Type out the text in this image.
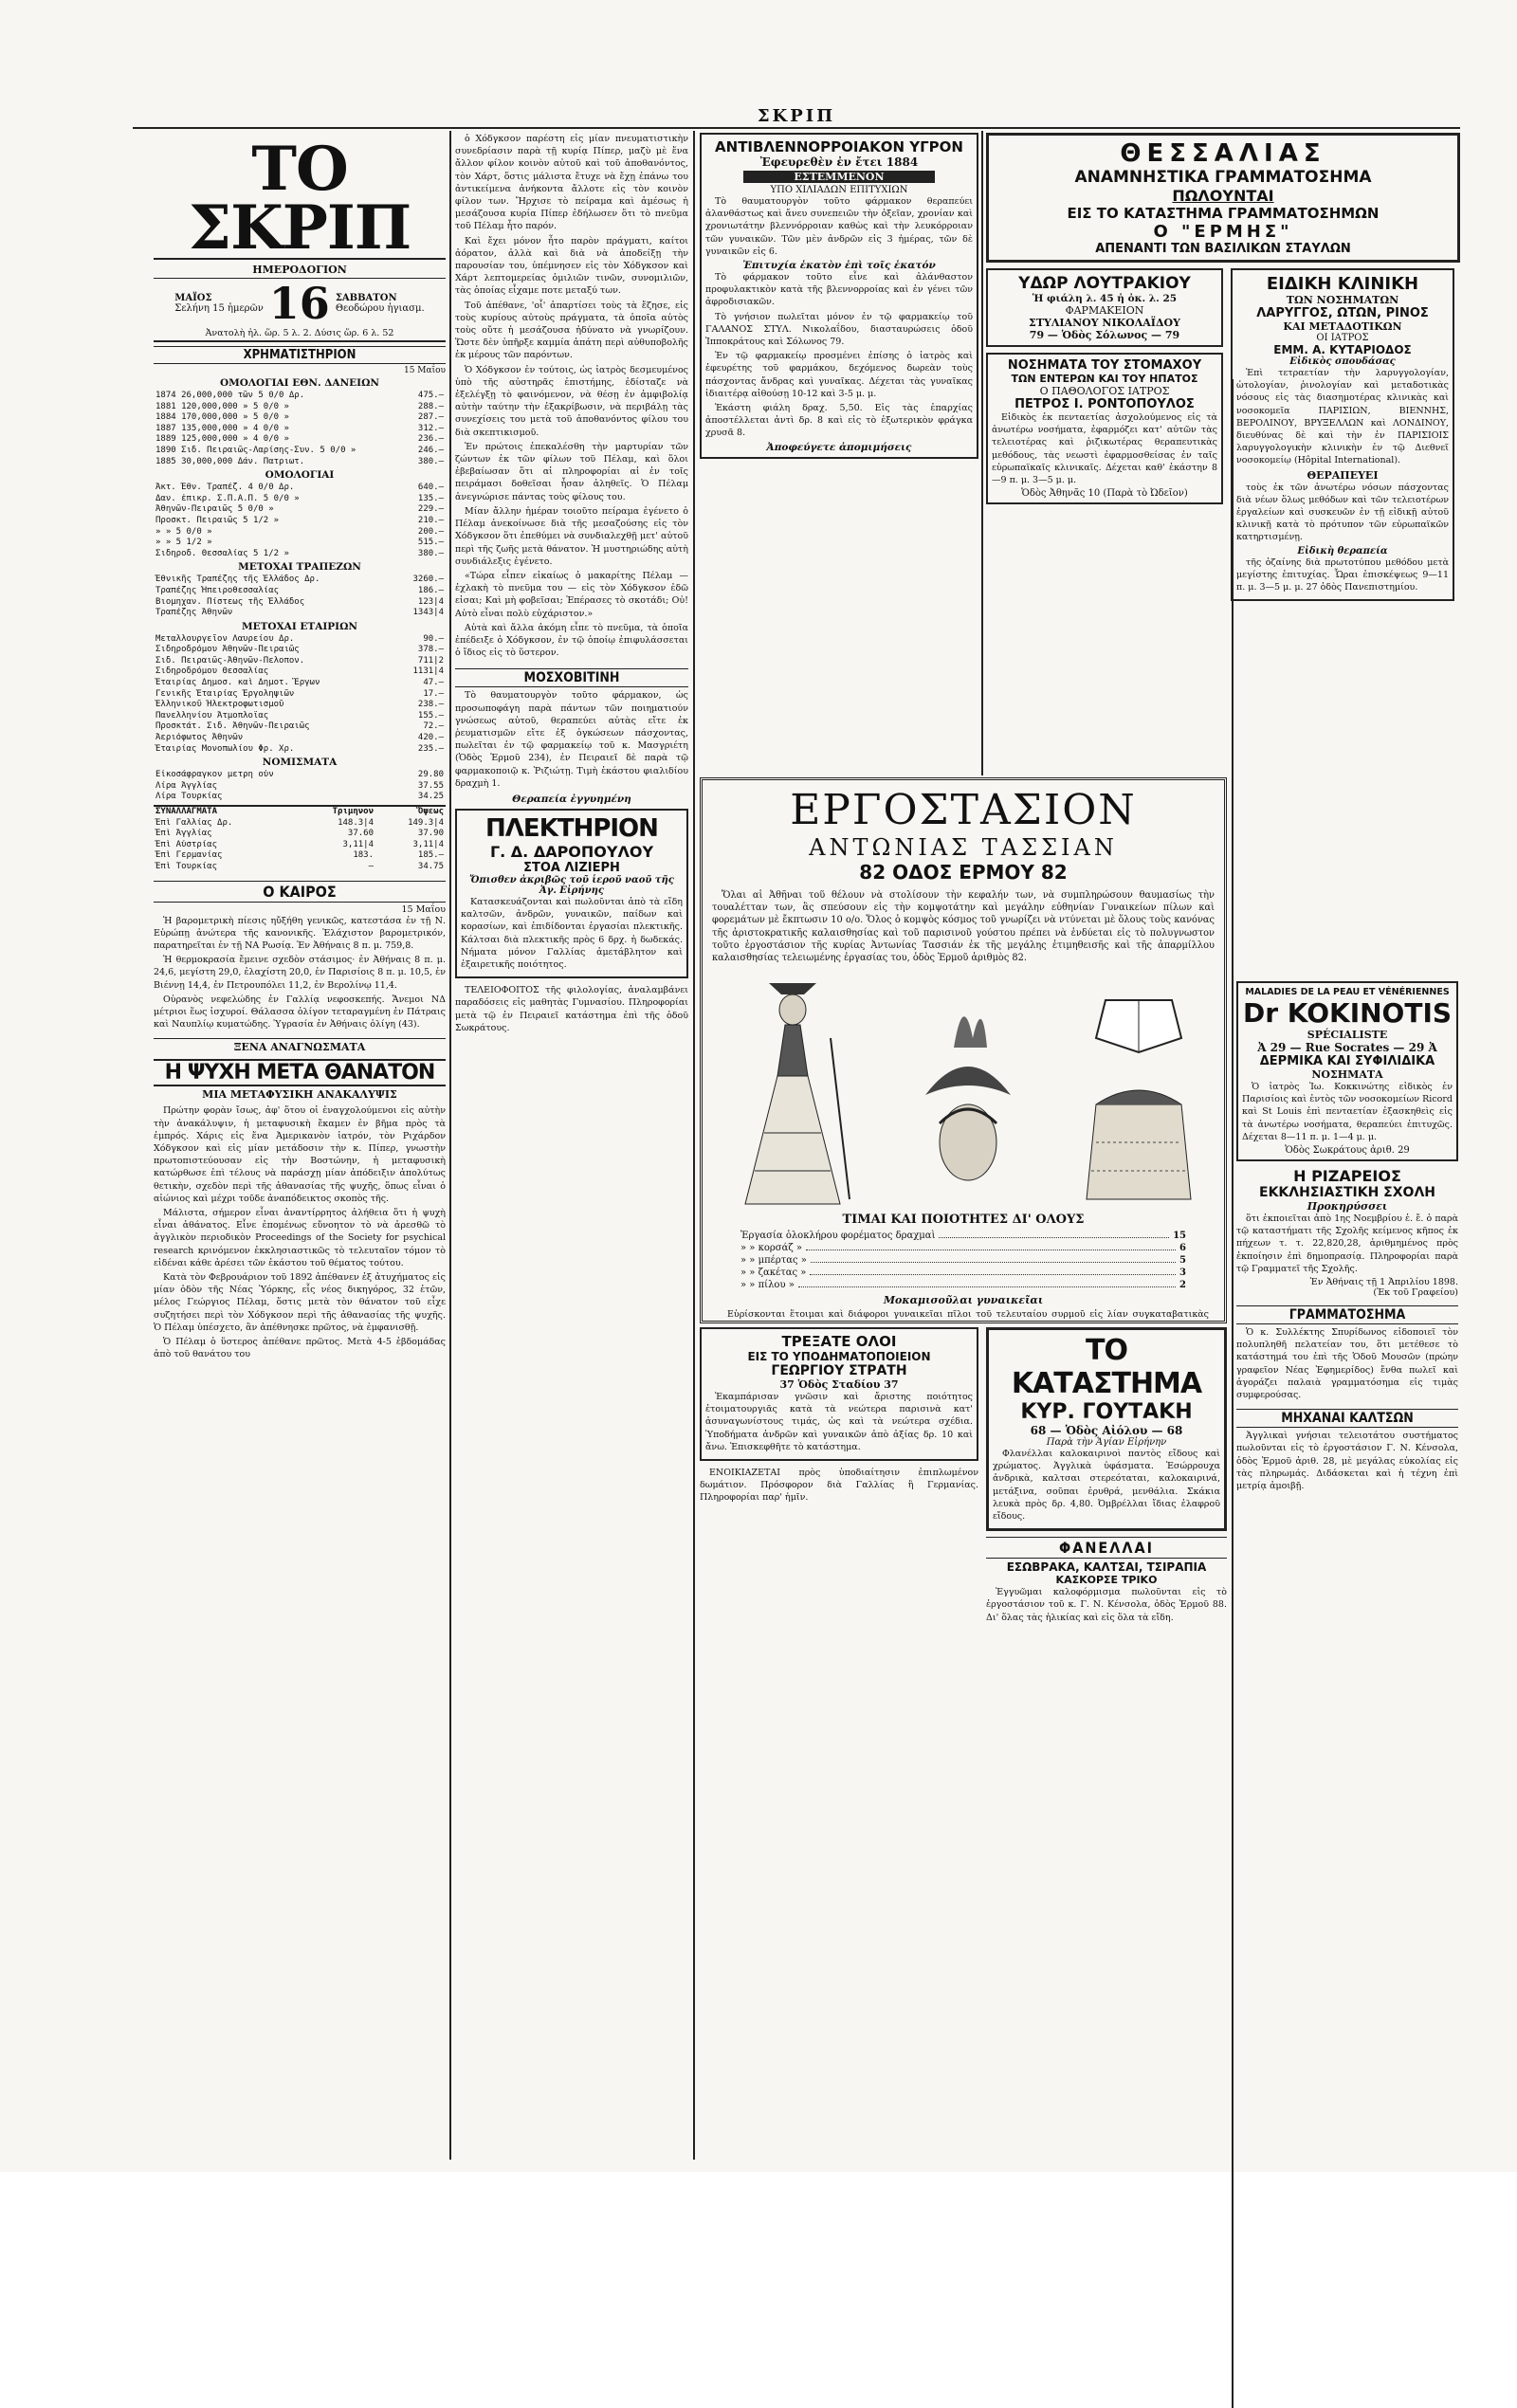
ΣΚΡΙΠ
ΤΟ ΣΚΡΙΠ
ΗΜΕΡΟΔΟΓΙΟΝ
ΜΑΪΟΣ
Σελήνη 15 ἡμερῶν 16 ΣΑΒΒΑΤΟΝ
Θεοδώρου ἡγιασμ.
Ἀνατολὴ ἡλ. ὥρ. 5 λ. 2. Δύσις ὥρ. 6 λ. 52
ΧΡΗΜΑΤΙΣΤΗΡΙΟΝ
15 Μαΐου
ΟΜΟΛΟΓΙΑΙ ΕΘΝ. ΔΑΝΕΙΩΝ
1874 26,000,000 τῶν 5 0/0 Δρ.	475.—
1881 120,000,000 » 5 0/0 »	288.—
1884 170,000,000 » 5 0/0 »	287.—
1887 135,000,000 » 4 0/0 »	312.—
1889 125,000,000 » 4 0/0 »	236.—
1890 Σιδ. Πειραιῶς-Λαρίσης-Συν. 5 0/0 »	246.—
1885 30,000,000 Δάν. Πατριωτ.	380.—
ΟΜΟΛΟΓΙΑΙ
Ἀκτ. Ἐθν. Τραπέζ. 4 0/0 Δρ.	640.—
Δαν. ἐπικρ. Σ.Π.Α.Π. 5 0/0 »	135.—
Ἀθηνῶν-Πειραιῶς 5 0/0 »	229.—
Προσκτ. Πειραιῶς 5 1/2 »	210.—
» » 5 0/0 »	200.—
» » 5 1/2 »	515.—
Σιδηροδ. Θεσσαλίας 5 1/2 »	380.—
ΜΕΤΟΧΑΙ ΤΡΑΠΕΖΩΝ
Ἐθνικῆς Τραπέζης τῆς Ἑλλάδος Δρ.	3260.—
Τραπέζης Ἠπειροθεσσαλίας	186.—
Βιομηχαν. Πίστεως τῆς Ἑλλάδος	123|4
Τραπέζης Ἀθηνῶν	1343|4
ΜΕΤΟΧΑΙ ΕΤΑΙΡΙΩΝ
Μεταλλουργεῖον Λαυρείου Δρ.	90.—
Σιδηροδρόμου Ἀθηνῶν-Πειραιῶς	378.—
Σιδ. Πειραιῶς-Ἀθηνῶν-Πελοπον.	711|2
Σιδηροδρόμου Θεσσαλίας	1131|4
Ἑταιρίας Δημοσ. καὶ Δημοτ. Ἔργων	47.—
Γενικῆς Ἑταιρίας Ἐργοληψιῶν	17.—
Ἑλληνικοῦ Ἠλεκτροφωτισμοῦ	238.—
Πανελληνίου Ἀτμοπλοΐας	155.—
Προσκτάτ. Σιδ. Ἀθηνῶν-Πειραιῶς	72.—
Ἀεριόφωτος Ἀθηνῶν	420.—
Ἑταιρίας Μονοπωλίου Φρ. Χρ.	235.—
ΝΟΜΙΣΜΑΤΑ
Εἰκοσάφραγκον μετρη οὖν	29.80
Λίρα Ἀγγλίας	37.55
Λίρα Τουρκίας	34.25
ΣΥΝΑΛΛΑΓΜΑΤΑ	Τριμηνον	Ὄψεως
Ἐπὶ Γαλλίας Δρ.	148.3|4	149.3|4
Ἐπὶ Ἀγγλίας	37.60	37.90
Ἐπὶ Αὐστρίας	3,11|4	3,11|4
Ἐπὶ Γερμανίας	183.	185.—
Ἐπὶ Τουρκίας	—	34.75
Ο ΚΑΙΡΟΣ
15 Μαΐου

Ἡ βαρομετρικὴ πίεσις ηὔξήθη γενικῶς, κατεστάσα ἐν τῇ Ν. Εὐρώπῃ ἀνώτερα τῆς κανονικῆς. Ἐλάχιστον βαρομετρικόν, παρατηρεῖται ἐν τῇ ΝΑ Ρωσίᾳ. Ἐν Ἀθήναις 8 π. μ. 759,8.

Ἡ θερμοκρασία ἔμεινε σχεδὸν στάσιμος· ἐν Ἀθήναις 8 π. μ. 24,6, μεγίστη 29,0, ἐλαχίστη 20,0, ἐν Παρισίοις 8 π. μ. 10,5, ἐν Βιέννῃ 14,4, ἐν Πετρουπόλει 11,2, ἐν Βερολίνῳ 11,4.

Οὐρανὸς νεφελώδης ἐν Γαλλίᾳ νεφοσκεπής. Ἄνεμοι ΝΔ μέτριοι ἕως ἰσχυροί. Θάλασσα ὀλίγον τεταραγμένη ἐν Πάτραις καὶ Ναυπλίῳ κυματώδης. Ὑγρασία ἐν Ἀθήναις ὀλίγη (43).

ΞΕΝΑ ΑΝΑΓΝΩΣΜΑΤΑ
Η ΨΥΧΗ ΜΕΤΑ ΘΑΝΑΤΟΝ
ΜΙΑ ΜΕΤΑΦΥΣΙΚΗ ΑΝΑΚΑΛΥΨΙΣ

Πρώτην φορὰν ἴσως, ἀφ' ὅτου οἱ ἐναγχολούμενοι εἰς αὐτὴν τὴν ἀνακάλυψιν, ἡ μεταφυσικὴ ἔκαμεν ἐν βῆμα πρὸς τὰ ἐμπρός. Χάρις εἰς ἕνα Ἀμερικανὸν ἰατρόν, τὸν Ριχάρδον Χόδγκσον καὶ εἰς μίαν μετάδοσιν τὴν κ. Πίπερ, γνωστὴν πρωτοπιστεύουσαν εἰς τὴν Βοστώνην, ἡ μεταφυσικὴ κατώρθωσε ἐπὶ τέλους νὰ παράσχῃ μίαν ἀπόδειξιν ἀπολύτως θετικὴν, σχεδὸν περὶ τῆς ἀθανασίας τῆς ψυχῆς, ὅπως εἶναι ὁ αἰώνιος καὶ μέχρι τοῦδε ἀναπόδεικτος σκοπὸς τῆς.

Μάλιστα, σήμερον εἶναι ἀναντίρρητος ἀλήθεια ὅτι ἡ ψυχὴ εἶναι ἀθάνατος. Εἶνε ἐπομένως εὔνοητον τὸ νὰ ἀρεσθῶ τὸ ἀγγλικὸν περιοδικὸν Proceedings of the Society for psychical research κρινόμενον ἐκκλησιαστικῶς τὸ τελευταῖον τόμον τὸ εἰδέναι κάθε ἀρέσει τῶν ἐκάστου τοῦ θέματος τούτου.

Κατὰ τὸν Φεβρουάριον τοῦ 1892 ἀπέθανεν ἐξ ἀτυχήματος εἰς μίαν ὁδὸν τῆς Νέας Ὑόρκης, εἷς νέος δικηγόρος, 32 ἐτῶν, μέλος Γεώργιος Πέλαμ, ὅστις μετὰ τὸν θάνατον τοῦ εἶχε συζητήσει περὶ τὸν Χόδγκσον περὶ τῆς ἀθανασίας τῆς ψυχῆς. Ὁ Πέλαμ ὑπέσχετο, ἂν ἀπέθνησκε πρῶτος, νὰ ἐμφανισθῇ.

Ὁ Πέλαμ ὁ ὕστερος ἀπέθανε πρῶτος. Μετὰ 4-5 ἑβδομάδας ἀπὸ τοῦ θανάτου του

ὁ Χόδγκσον παρέστη εἰς μίαν πνευματιστικὴν συνεδρίασιν παρὰ τῇ κυρίᾳ Πίπερ, μαζὺ μὲ ἕνα ἄλλον φίλον κοινὸν αὐτοῦ καὶ τοῦ ἀποθανόντος, τὸν Χάρτ, ὅστις μάλιστα ἔτυχε νὰ ἔχῃ ἐπάνω του ἀντικείμενα ἀνήκοντα ἄλλοτε εἰς τὸν κοινὸν φίλον των. Ἤρχισε τὸ πείραμα καὶ ἀμέσως ἡ μεσάζουσα κυρία Πίπερ ἐδήλωσεν ὅτι τὸ πνεῦμα τοῦ Πέλαμ ἦτο παρόν.

Καὶ ἔχει μόνον ἦτο παρὸν πράγματι, καίτοι ἀόρατον, ἀλλὰ καὶ διὰ νὰ ἀποδείξῃ τὴν παρουσίαν του, ὑπέμνησεν εἰς τὸν Χόδγκσον καὶ Χάρτ λεπτομερείας ὁμιλιῶν τινῶν, συνομιλιῶν, τὰς ὁποίας εἶχαμε ποτε μεταξύ των.

Τοῦ ἀπέθανε, 'οἷ' ἀπαρτίσει τοὺς τὰ ἔζησε, εἰς τοὺς κυρίους αὐτοὺς πράγματα, τὰ ὁποῖα αὐτὸς τοὺς οὔτε ἡ μεσάζουσα ἠδύνατο νὰ γνωρίζουν. Ὥστε δὲν ὑπῆρξε καμμία ἀπάτη περὶ αὐθυποβολῆς ἐκ μέρους τῶν παρόντων.

Ὁ Χόδγκσον ἐν τούτοις, ὡς ἰατρὸς δεσμευμένος ὑπὸ τῆς αὐστηρᾶς ἐπιστήμης, ἐδίσταζε νὰ ἐξελέγξῃ τὸ φαινόμενον, νὰ θέσῃ ἐν ἀμφιβολίᾳ αὐτὴν ταύτην τὴν ἐξακρίβωσιν, νὰ περιβάλῃ τὰς συνεχίσεις του μετὰ τοῦ ἀποθανόντος φίλου του διὰ σκεπτικισμοῦ.

Ἐν πρώτοις ἐπεκαλέσθη τὴν μαρτυρίαν τῶν ζώντων ἐκ τῶν φίλων τοῦ Πέλαμ, καὶ ὅλοι ἐβεβαίωσαν ὅτι αἱ πληροφορίαι αἱ ἐν τοῖς πειράμασι δοθεῖσαι ἦσαν ἀληθεῖς. Ὁ Πέλαμ ἀνεγνώρισε πάντας τοὺς φίλους του.

Μίαν ἄλλην ἡμέραν τοιοῦτο πείραμα ἐγένετο ὁ Πέλαμ ἀνεκοίνωσε διὰ τῆς μεσαζούσης εἰς τὸν Χόδγκσον ὅτι ἐπεθύμει νὰ συνδιαλεχθῇ μετ' αὐτοῦ περὶ τῆς ζωῆς μετὰ θάνατον. Ἡ μυστηριώδης αὐτὴ συνδιάλεξις ἐγένετο.

«Τώρα εἶπεν εἰκαίως ὁ μακαρίτης Πέλαμ — ἐχλακὴ τὸ πνεῦμα του — εἰς τὸν Χόδγκσον ἐδῶ εἰσαι; Καὶ μὴ φοβεῖσαι; Ἐπέρασες τὸ σκοτάδι; Οὐ! Αὐτὸ εἶναι πολὺ εὐχάριστον.»

Αὐτὰ καὶ ἄλλα ἀκόμη εἶπε τὸ πνεῦμα, τὰ ὁποῖα ἐπέδειξε ὁ Χόδγκσον, ἐν τῷ ὁποίῳ ἐπιφυλάσσεται ὁ ἴδιος εἰς τὸ ὕστερον.

ΜΟΣΧΟΒΙΤΙΝΗ

Τὸ θαυματουργὸν τοῦτο φάρμακον, ὡς προσωποφάγη παρὰ πάντων τῶν ποιηματιούν γνώσεως αὐτοῦ, θεραπεύει αὐτὰς εἴτε ἐκ ῥευματισμῶν εἴτε ἐξ ὀγκώσεων πάσχοντας, πωλεῖται ἐν τῷ φαρμακείῳ τοῦ κ. Μασγριέτη (Ὁδὸς Ἑρμοῦ 234), ἐν Πειραιεῖ δὲ παρὰ τῷ φαρμακοποιῷ κ. Ῥιζιώτῃ. Τιμὴ ἑκάστου φιαλιδίου δραχμὴ 1.

Θεραπεία ἐγγυημένη
ΠΛΕΚΤΗΡΙΟΝ
Γ. Δ. ΔΑΡΟΠΟΥΛΟΥ
ΣΤΟΑ ΛΙΖΙΕΡΗ
Ὄπισθεν ἀκριβῶς τοῦ ἱεροῦ ναοῦ τῆς Ἁγ. Εἰρήνης

Κατασκευάζονται καὶ πωλοῦνται ἀπὸ τὰ εἴδη καλτσῶν, ἀνδρῶν, γυναικῶν, παίδων καὶ κορασίων, καὶ ἐπιδίδονται ἐργασίαι πλεκτικῆς. Κάλτσαι διὰ πλεκτικῆς πρὸς 6 δρχ. ἡ δωδεκάς. Νήματα μόνον Γαλλίας ἀμετάβλητον καὶ ἐξαιρετικῆς ποιότητος.

ΤΕΛΕΙΟΦΟΙΤΟΣ τῆς φιλολογίας, ἀναλαμβάνει παραδόσεις εἰς μαθητὰς Γυμνασίου. Πληροφορίαι μετὰ τῷ ἐν Πειραιεῖ κατάστημα ἐπὶ τῆς ὁδοῦ Σωκράτους.

ΑΝΤΙΒΛΕΝΝΟΡΡΟΙΑΚΟΝ ΥΓΡΟΝ
Ἐφευρεθὲν ἐν ἔτει 1884
ΕΣΤΕΜΜΕΝΟΝ
ΥΠΟ ΧΙΛΙΑΔΩΝ ΕΠΙΤΥΧΙΩΝ

Τὸ θαυματουργὸν τοῦτο φάρμακον θεραπεύει ἀλανθάστως καὶ ἄνευ συνεπειῶν τὴν ὀξεῖαν, χρονίαν καὶ χρονιωτάτην βλεννόρροιαν καθὼς καὶ τὴν λευκόρροιαν τῶν γυναικῶν. Τῶν μὲν ἀνδρῶν εἰς 3 ἡμέρας, τῶν δὲ γυναικῶν εἰς 6.

Ἐπιτυχία ἑκατὸν ἐπὶ τοῖς ἑκατόν

Τὸ φάρμακον τοῦτο εἶνε καὶ ἀλάνθαστον προφυλακτικὸν κατὰ τῆς βλεννορροίας καὶ ἐν γένει τῶν ἀφροδισιακῶν.

Τὸ γνήσιον πωλεῖται μόνον ἐν τῷ φαρμακείῳ τοῦ ΓΑΛΑΝΟΣ ΣΤΥΛ. Νικολαΐδου, διασταυρώσεις ὁδοῦ Ἱπποκράτους καὶ Σόλωνος 79.

Ἐν τῷ φαρμακείῳ προσμένει ἐπίσης ὁ ἰατρὸς καὶ ἐφευρέτης τοῦ φαρμάκου, δεχόμενος δωρεὰν τοὺς πάσχοντας ἄνδρας καὶ γυναῖκας. Δέχεται τὰς γυναῖκας ἰδιαιτέρᾳ αἰθούσῃ 10-12 καὶ 3-5 μ. μ.

Ἑκάστη φιάλη δραχ. 5,50. Εἰς τὰς ἐπαρχίας ἀποστέλλεται ἀντὶ δρ. 8 καὶ εἰς τὸ ἐξωτερικὸν φράγκα χρυσᾶ 8.

Ἀποφεύγετε ἀπομιμήσεις
ΘΕΣΣΑΛΙΑΣ
ΑΝΑΜΝΗΣΤΙΚΑ ΓΡΑΜΜΑΤΟΣΗΜΑ
ΠΩΛΟΥΝΤΑΙ
ΕΙΣ ΤΟ ΚΑΤΑΣΤΗΜΑ ΓΡΑΜΜΑΤΟΣΗΜΩΝ
Ο "ΕΡΜΗΣ"
ΑΠΕΝΑΝΤΙ ΤΩΝ ΒΑΣΙΛΙΚΩΝ ΣΤΑΥΛΩΝ
ΥΔΩΡ ΛΟΥΤΡΑΚΙΟΥ
Ἡ φιάλη λ. 45 ἡ ὀκ. λ. 25
ΦΑΡΜΑΚΕΙΟΝ
ΣΤΥΛΙΑΝΟΥ ΝΙΚΟΛΑΪΔΟΥ
79 — Ὁδὸς Σόλωνος — 79
ΝΟΣΗΜΑΤΑ ΤΟΥ ΣΤΟΜΑΧΟΥ
ΤΩΝ ΕΝΤΕΡΩΝ ΚΑΙ ΤΟΥ ΗΠΑΤΟΣ
Ο ΠΑΘΟΛΟΓΟΣ ΙΑΤΡΟΣ
ΠΕΤΡΟΣ Ι. ΡΟΝΤΟΠΟΥΛΟΣ

Εἰδικὸς ἐκ πενταετίας ἀσχολούμενος εἰς τὰ ἀνωτέρω νοσήματα, ἐφαρμόζει κατ' αὐτῶν τὰς τελειοτέρας καὶ ῥιζικωτέρας θεραπευτικὰς μεθόδους, τὰς νεωστὶ ἐφαρμοσθείσας ἐν ταῖς εὐρωπαϊκαῖς κλινικαῖς. Δέχεται καθ' ἑκάστην 8—9 π. μ. 3—5 μ. μ.

Ὁδὸς Ἀθηνᾶς 10 (Παρὰ τὸ Ὠδεῖον)
ΕΙΔΙΚΗ ΚΛΙΝΙΚΗ
ΤΩΝ ΝΟΣΗΜΑΤΩΝ
ΛΑΡΥΓΓΟΣ, ΩΤΩΝ, ΡΙΝΟΣ
ΚΑΙ ΜΕΤΑΔΟΤΙΚΩΝ
ΟΙ ΙΑΤΡΟΣ
ΕΜΜ. Α. ΚΥΤΑΡΙΟΔΟΣ
Εἰδικὸς σπουδάσας

Ἐπὶ τετραετίαν τὴν λαρυγγολογίαν, ὠτολογίαν, ῥινολογίαν καὶ μεταδοτικὰς νόσους εἰς τὰς διασημοτέρας κλινικὰς καὶ νοσοκομεῖα ΠΑΡΙΣΙΩΝ, ΒΙΕΝΝΗΣ, ΒΕΡΟΛΙΝΟΥ, ΒΡΥΞΕΛΛΩΝ καὶ ΛΟΝΔΙΝΟΥ, διευθύνας δὲ καὶ τὴν ἐν ΠΑΡΙΣΙΟΙΣ λαρυγγολογικὴν κλινικὴν ἐν τῷ Διεθνεῖ νοσοκομείῳ (Hôpital International).

ΘΕΡΑΠΕΥΕΙ

τοὺς ἐκ τῶν ἀνωτέρω νόσων πάσχοντας διὰ νέων ὅλως μεθόδων καὶ τῶν τελειοτέρων ἐργαλείων καὶ συσκευῶν ἐν τῇ εἰδικῇ αὐτοῦ κλινικῇ κατὰ τὸ πρότυπον τῶν εὐρωπαϊκῶν κατηρτισμένῃ.

Εἰδικὴ θεραπεία

τῆς ὀζαίνης διὰ πρωτοτύπου μεθόδου μετὰ μεγίστης ἐπιτυχίας. Ὧραι ἐπισκέψεως 9—11 π. μ. 3—5 μ. μ. 27 ὁδὸς Πανεπιστημίου.

ΕΡΓΟΣΤΑΣΙΟΝ
ΑΝΤΩΝΙΑΣ ΤΑΣΣΙΑΝ
82 ΟΔΟΣ ΕΡΜΟΥ 82

Ὅλαι αἱ Ἀθῆναι τοῦ θέλουν νὰ στολίσουν τὴν κεφαλήν των, νὰ συμπληρώσουν θαυμασίως τὴν τουαλέτταν των, ἃς σπεύσουν εἰς τὴν κομψοτάτην καὶ μεγάλην εὐθηνίαν Γυναικείων πίλων καὶ φορεμάτων μὲ ἔκπτωσιν 10 ο/ο. Ὅλος ὁ κομψὸς κόσμος τοῦ γνωρίζει νὰ ντύνεται μὲ ὅλους τοὺς κανόνας τῆς ἀριστοκρατικῆς καλαισθησίας καὶ τοῦ παρισινοῦ γούστου πρέπει νὰ ἐνδύεται εἰς τὸ πολυγνωστον τοῦτο ἐργοστάσιον τῆς κυρίας Ἀντωνίας Τασσιάν ἐκ τῆς μεγάλης ἐτιμηθεισῆς καὶ τῆς ἀπαρμίλλου καλαισθησίας τελειωμένης ἐργασίας του, ὁδὸς Ἑρμοῦ ἀριθμὸς 82.

ΤΙΜΑΙ ΚΑΙ ΠΟΙΟΤΗΤΕΣ ΔΙ' ΟΛΟΥΣ
Ἐργασία ὁλοκλήρου φορέματος δραχμαὶ	15
» » κορσάζ »	6
» » μπέρτας »	5
» » ζακέτας »	3
» » πίλου »	2
Μοκαμισοῦλαι γυναικεῖαι

Εὑρίσκονται ἕτοιμαι καὶ διάφοροι γυναικεῖαι πῖλοι τοῦ τελευταίου συρμοῦ εἰς λίαν συγκαταβατικὰς

ΤΡΕΞΑΤΕ ΟΛΟΙ
ΕΙΣ ΤΟ ΥΠΟΔΗΜΑΤΟΠΟΙΕΙΟΝ
ΓΕΩΡΓΙΟΥ ΣΤΡΑΤΗ
37 Ὁδὸς Σταδίου 37

Ἐκαμπάρισαν γνῶσιν καὶ ἄριστης ποιότητος ἐτοιματουργιᾶς κατὰ τὰ νεώτερα παρισινὰ κατ' ἀσυναγωνίστους τιμάς, ὡς καὶ τὰ νεώτερα σχέδια. Ὑποδήματα ἀνδρῶν καὶ γυναικῶν ἀπὸ ἀξίας δρ. 10 καὶ ἄνω. Ἐπισκεφθῆτε τὸ κατάστημα.

ΕΝΟΙΚΙΑΖΕΤΑΙ πρὸς ὑποδιαίτησιν ἐπιπλωμένον δωμάτιον. Πρόσφορον διὰ Γαλλίας ἢ Γερμανίας. Πληροφορίαι παρ' ἡμῖν.

ΤΟ ΚΑΤΑΣΤΗΜΑ
ΚΥΡ. ΓΟΥΤΑΚΗ
68 — Ὁδὸς Αἰόλου — 68
Παρὰ τὴν Ἁγίαν Εἰρήνην

Φλανέλλαι καλοκαιρινοὶ παντὸς εἴδους καὶ χρώματος. Ἀγγλικὰ ὑφάσματα. Ἐσώρρουχα ἀνδρικὰ, καλτσαι στερεόταται, καλοκαιρινά, μετάξινα, σοῦπαι ἐρυθρά, μενθάλια. Σκάκια λευκὰ πρὸς δρ. 4,80. Ὀμβρέλλαι ἴδιας ἐλαφροῦ εἴδους.

ΦΑΝΕΛΛΑΙ
ΕΣΩΒΡΑΚΑ, ΚΑΛΤΣΑΙ, ΤΣΙΡΑΠΙΑ
ΚΑΣΚΟΡΣΕ ΤΡΙΚΟ

Ἐγγυῶμαι καλοφόρμισμα πωλοῦνται εἰς τὸ ἐργοστάσιον τοῦ κ. Γ. Ν. Κένσολα, ὁδὸς Ἑρμοῦ 88. Δι' ὅλας τὰς ἡλικίας καὶ εἰς ὅλα τὰ εἴδη.

MALADIES DE LA PEAU ET VÉNÉRIENNES
Dr KOKINOTIS
SPÉCIALISTE
Ἀ 29 — Rue Socrates — 29 Ἀ
ΔΕΡΜΙΚΑ ΚΑΙ ΣΥΦΙΛΙΔΙΚΑ
ΝΟΣΗΜΑΤΑ

Ὁ ἰατρὸς Ἰω. Κοκκινώτης εἰδικὸς ἐν Παρισίοις καὶ ἐντὸς τῶν νοσοκομείων Ricord καὶ St Louis ἐπὶ πενταετίαν ἐξασκηθεὶς εἰς τὰ ἀνωτέρω νοσήματα, θεραπεύει ἐπιτυχῶς. Δέχεται 8—11 π. μ. 1—4 μ. μ.

Ὁδὸς Σωκράτους ἀριθ. 29
Η ΡΙΖΑΡΕΙΟΣ
ΕΚΚΛΗΣΙΑΣΤΙΚΗ ΣΧΟΛΗ
Προκηρύσσει

ὅτι ἐκποιεῖται ἀπὸ 1ης Νοεμβρίου ἐ. ἔ. ὁ παρὰ τῷ καταστήματι τῆς Σχολῆς κείμενος κῆπος ἐκ πήχεων τ. τ. 22,820,28, ἀριθμημένος πρὸς ἐκποίησιν ἐπὶ δημοπρασίᾳ. Πληροφορίαι παρὰ τῷ Γραμματεῖ τῆς Σχολῆς.

Ἐν Ἀθήναις τῇ 1 Ἀπριλίου 1898.
(Ἐκ τοῦ Γραφείου)
ΓΡΑΜΜΑΤΟΣΗΜΑ

Ὁ κ. Συλλέκτης Σπυρίδωνος εἰδοποιεῖ τὸν πολυπληθῆ πελατείαν του, ὅτι μετέθεσε τὸ κατάστημά του ἐπὶ τῆς Ὁδοῦ Μουσῶν (πρώην γραφεῖον Νέας Ἐφημερίδος) ἔνθα πωλεῖ καὶ ἀγοράζει παλαιὰ γραμματόσημα εἰς τιμὰς συμφερούσας.

ΜΗΧΑΝΑΙ ΚΑΛΤΣΩΝ

Ἀγγλικαὶ γνήσιαι τελειοτάτου συστήματος πωλοῦνται εἰς τὸ ἐργοστάσιον Γ. Ν. Κένσολα, ὁδὸς Ἑρμοῦ ἀριθ. 28, μὲ μεγάλας εὐκολίας εἰς τὰς πληρωμάς. Διδάσκεται καὶ ἡ τέχνη ἐπὶ μετρίᾳ ἀμοιβῇ.
